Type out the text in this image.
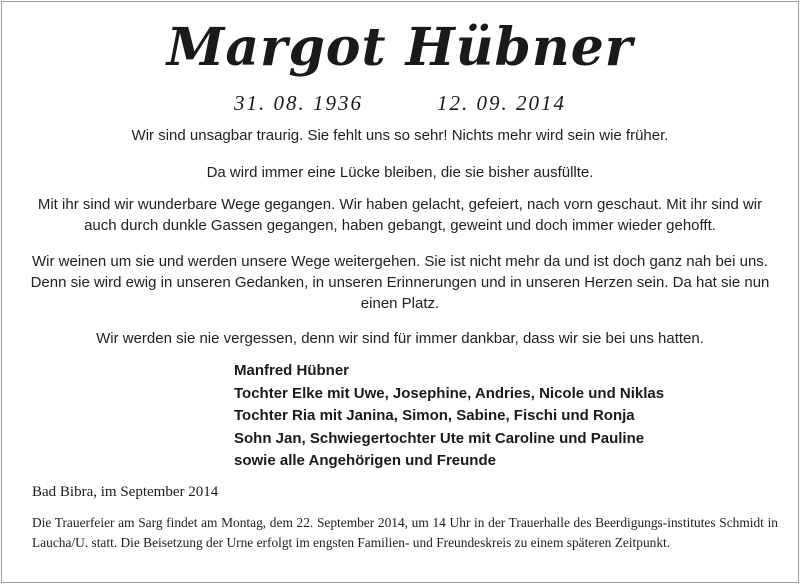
Margot Hübner
31. 08. 1936	12. 09. 2014
Wir sind unsagbar traurig. Sie fehlt uns so sehr! Nichts mehr wird sein wie früher.
Da wird immer eine Lücke bleiben, die sie bisher ausfüllte.
Mit ihr sind wir wunderbare Wege gegangen. Wir haben gelacht, gefeiert, nach vorn geschaut. Mit ihr sind wir auch durch dunkle Gassen gegangen, haben gebangt, geweint und doch immer wieder gehofft.
Wir weinen um sie und werden unsere Wege weitergehen. Sie ist nicht mehr da und ist doch ganz nah bei uns. Denn sie wird ewig in unseren Gedanken, in unseren Erinnerungen und in unseren Herzen sein. Da hat sie nun einen Platz.
Wir werden sie nie vergessen, denn wir sind für immer dankbar, dass wir sie bei uns hatten.
Manfred Hübner
Tochter Elke mit Uwe, Josephine, Andries, Nicole und Niklas
Tochter Ria mit Janina, Simon, Sabine, Fischi und Ronja
Sohn Jan, Schwiegertochter Ute mit Caroline und Pauline
sowie alle Angehörigen und Freunde
Bad Bibra, im September 2014
Die Trauerfeier am Sarg findet am Montag, dem 22. September 2014, um 14 Uhr in der Trauerhalle des Beerdigungs-institutes Schmidt in Laucha/U. statt. Die Beisetzung der Urne erfolgt im engsten Familien- und Freundeskreis zu einem späteren Zeitpunkt.
